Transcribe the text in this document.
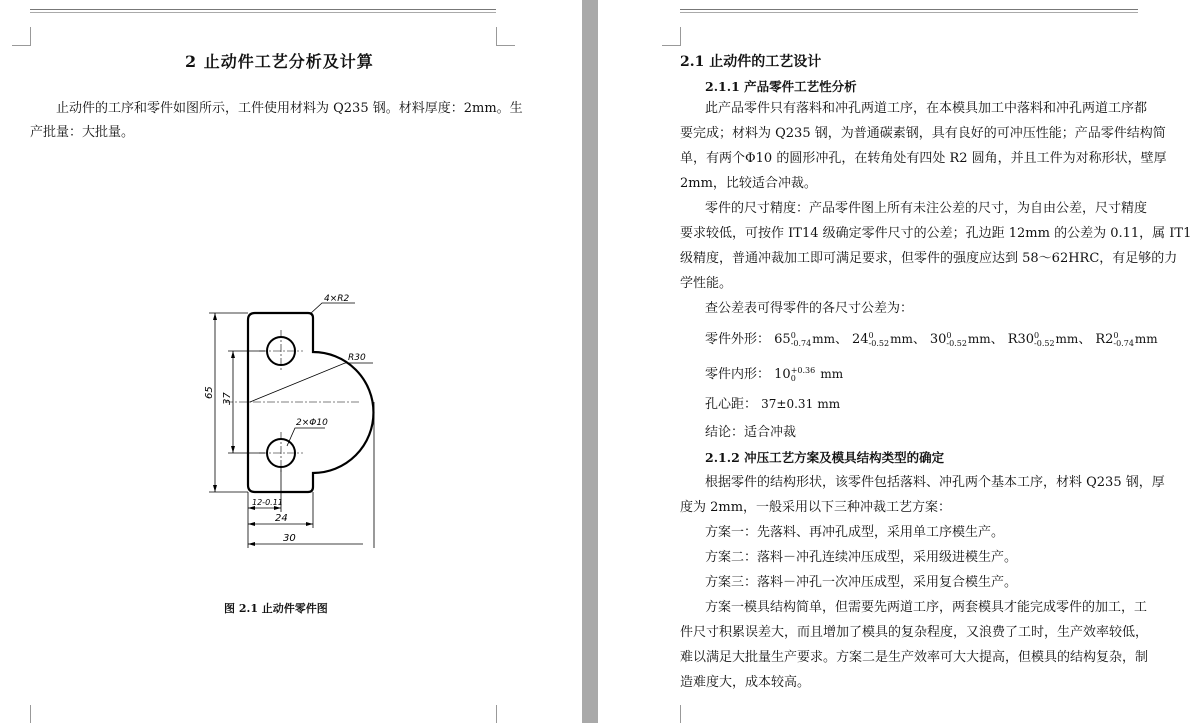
2 止动件工艺分析及计算
止动件的工序和零件如图所示，工件使用材料为 Q235 钢。材料厚度：2mm。生
产批量：大批量。
4×R2
R30
2×Φ10
65 37
12-0.11
24
30
图 2.1 止动件零件图
2.1 止动件的工艺设计
2.1.1 产品零件工艺性分析
此产品零件只有落料和冲孔两道工序，在本模具加工中落料和冲孔两道工序都
要完成；材料为 Q235 钢，为普通碳素钢，具有良好的可冲压性能；产品零件结构简
单，有两个Φ10 的圆形冲孔，在转角处有四处 R2 圆角，并且工件为对称形状，壁厚
2mm，比较适合冲裁。
零件的尺寸精度：产品零件图上所有未注公差的尺寸，为自由公差，尺寸精度
要求较低，可按作 IT14 级确定零件尺寸的公差；孔边距 12mm 的公差为 0.11，属 IT1
级精度，普通冲裁加工即可满足要求，但零件的强度应达到 58～62HRC，有足够的力
学性能。
查公差表可得零件的各尺寸公差为：
零件外形： 65 0
-0.74 mm、 24 0
-0.52 mm、 30 0
-0.52 mm、 R30 0
-0.52 mm、 R2 0
-0.74 mm
零件内形： 10 +0.36
0	mm
孔心距： 37±0.31 mm
结论：适合冲裁
2.1.2 冲压工艺方案及模具结构类型的确定
根据零件的结构形状，该零件包括落料、冲孔两个基本工序，材料 Q235 钢，厚
度为 2mm，一般采用以下三种冲裁工艺方案：
方案一：先落料、再冲孔成型，采用单工序模生产。
方案二：落料－冲孔连续冲压成型，采用级进模生产。
方案三：落料－冲孔一次冲压成型，采用复合模生产。
方案一模具结构简单，但需要先两道工序，两套模具才能完成零件的加工，工
件尺寸积累误差大，而且增加了模具的复杂程度，又浪费了工时，生产效率较低，
难以满足大批量生产要求。方案二是生产效率可大大提高，但模具的结构复杂，制
造难度大，成本较高。
